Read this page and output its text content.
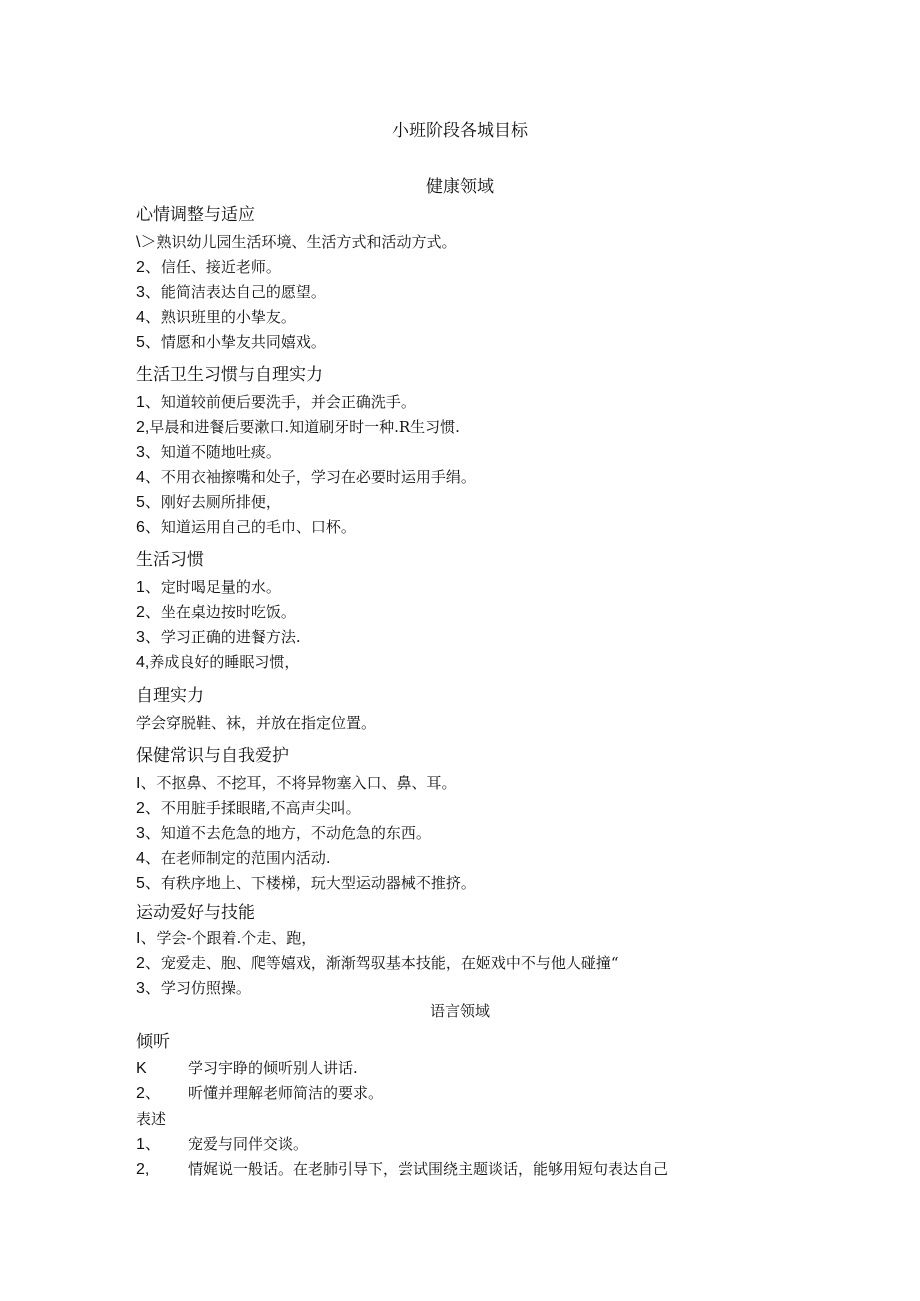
小班阶段各城目标
健康领域
心情调整与适应
\＞熟识幼儿园生活环境、生活方式和活动方式。
2、信任、接近老师。
3、能简洁表达自己的愿望。
4、熟识班里的小挚友。
5、情愿和小挚友共同嬉戏。
生活卫生习惯与自理实力
1、知道较前便后要洗手，并会正确洗手。
2,早晨和进餐后要漱口.知道刷牙时一种.R生习惯.
3、知道不随地吐痰。
4、不用衣袖擦嘴和处子，学习在必要时运用手绢。
5、刚好去厕所排便，
6、知道运用自己的毛巾、口杯。
生活习惯
1、定时喝足量的水。
2、坐在桌边按时吃饭。
3、学习正确的进餐方法.
4,养成良好的睡眠习惯，
自理实力
学会穿脱鞋、袜，并放在指定位置。
保健常识与自我爱护
I、不抠鼻、不挖耳，不将异物塞入口、鼻、耳。
2、不用脏手揉眼睹,不高声尖叫。
3、知道不去危急的地方，不动危急的东西。
4、在老师制定的范围内活动.
5、有秩序地上、下楼梯，玩大型运动器械不推挤。
运动爱好与技能
I、学会-个跟着.个走、跑，
2、宠爱走、胞、爬等嬉戏，渐渐驾驭基本技能，在姬戏中不与他人碰撞“
3、学习仿照操。
语言领域
倾听
K	学习宇睁的倾听别人讲话.
2、 听懂并理解老师简洁的要求。
表述
1、 宠爱与同伴交谈。
2,	情娓说一般话。在老肺引导下，尝试围绕主题谈话，能够用短句表达自己
